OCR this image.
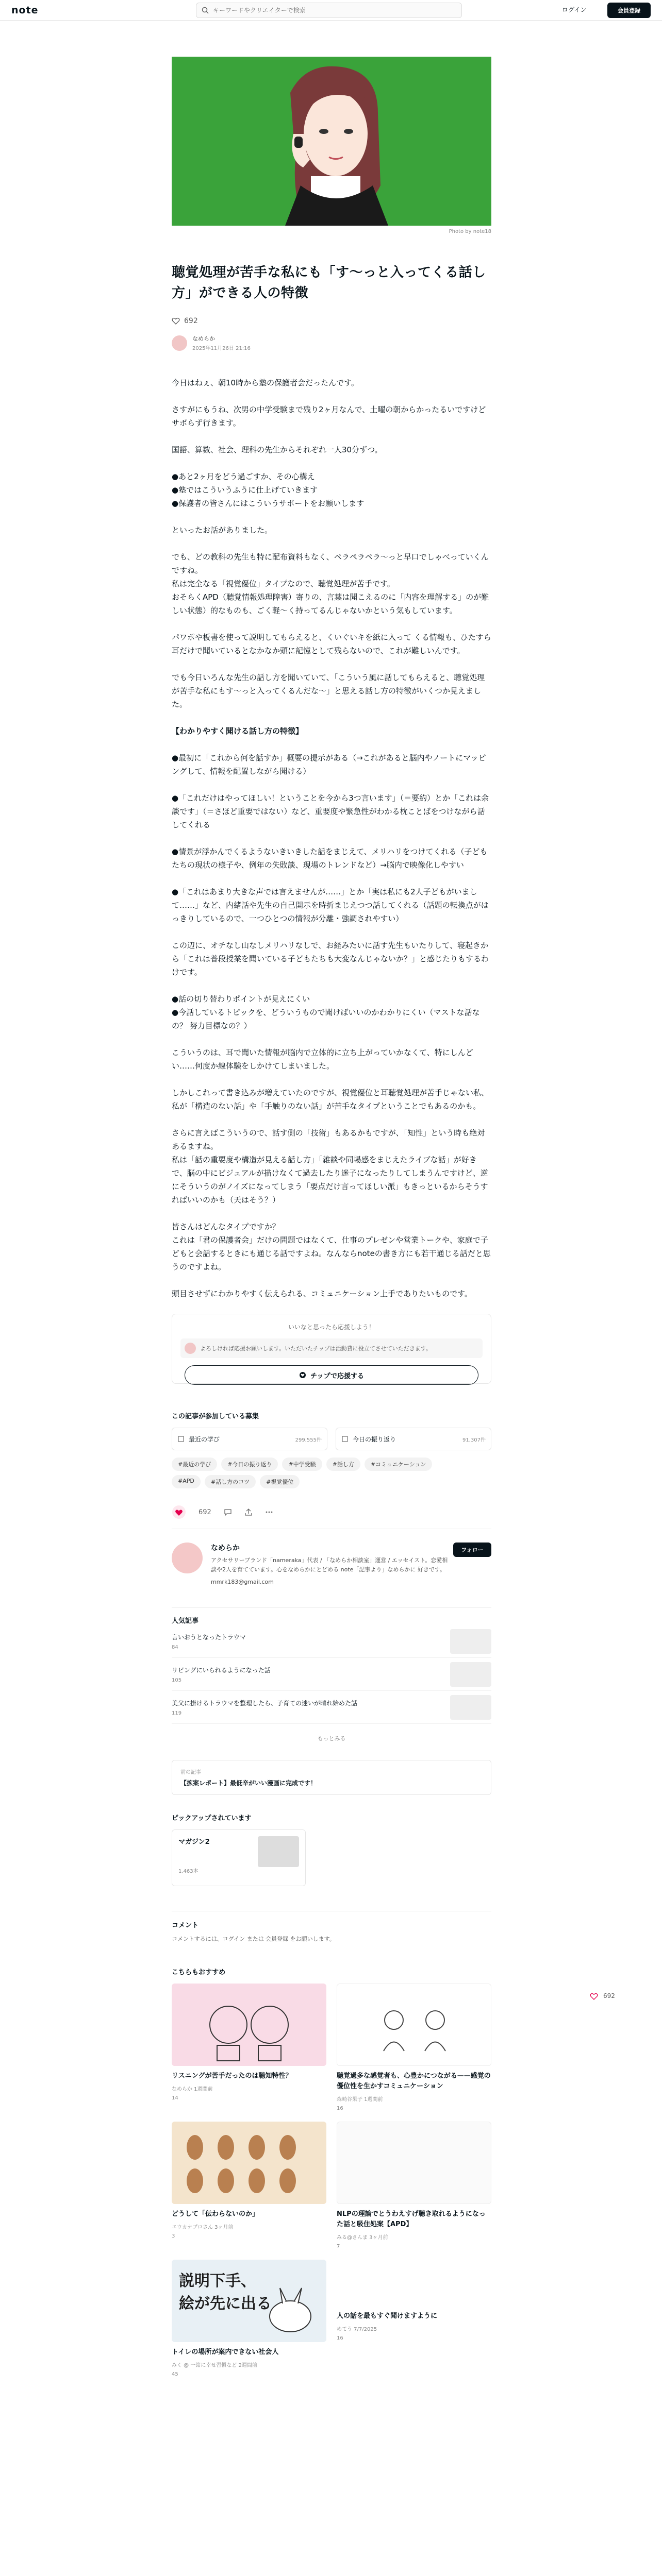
note
キーワードやクリエイターで検索	ログイン	会員登録
Photo by note18
聴覚処理が苦手な私にも「す〜っと入ってくる話し方」ができる人の特徴
692
なめらか
2025年11月26日 21:16

今日はねぇ、朝10時から塾の保護者会だったんです。

さすがにもうね、次男の中学受験まで残り2ヶ月なんで、土曜の朝からかったるいですけどサボらず行きます。

国語、算数、社会、理科の先生からそれぞれ一人30分ずつ。

●あと2ヶ月をどう過ごすか、その心構え
●塾ではこういうふうに仕上げていきます
●保護者の皆さんにはこういうサポートをお願いします

といったお話がありました。

でも、どの教科の先生も特に配布資料もなく、ペラペラペラ〜っと早口でしゃべっていくんですね。
私は完全なる「視覚優位」タイプなので、聴覚処理が苦手です。
おそらくAPD（聴覚情報処理障害）寄りの、言葉は聞こえるのに「内容を理解する」のが難しい状態）的なものも、ごく軽〜く持ってるんじゃないかという気もしています。

パワポや板書を使って説明してもらえると、くいぐいキを紙に入って くる情報も、ひたすら耳だけで聞いているとなかなか頭に記憶として残らないので、これが難しいんです。

でも今日いろんな先生の話し方を聞いていて、「こういう風に話してもらえると、聴覚処理が苦手な私にもす〜っと入ってくるんだな〜」と思える話し方の特徴がいくつか見えました。

【わかりやすく聞ける話し方の特徴】

●最初に「これから何を話すか」概要の提示がある（→これがあると脳内やノートにマッピングして、情報を配置しながら聞ける）

●「これだけはやってほしい！ということを今から3つ言います」（＝要約）とか「これは余談です」（＝さほど重要ではない）など、重要度や緊急性がわかる枕ことばをつけながら話してくれる

●情景が浮かんでくるようないきいきした話をまじえて、メリハリをつけてくれる（子どもたちの現状の様子や、例年の失敗談、現場のトレンドなど）→脳内で映像化しやすい

●「これはあまり大きな声では言えませんが……」とか「実は私にも2人子どもがいまして……」など、内緒話や先生の自己開示を時折まじえつつ話してくれる（話題の転換点がはっきりしているので、一つひとつの情報が分離・強調されやすい）

この辺に、オチなし山なしメリハリなしで、お経みたいに話す先生もいたりして、寝起きから「これは普段授業を聞いている子どもたちも大変なんじゃないか？」と感じたりもするわけです。

●話の切り替わりポイントが見えにくい
●今話しているトピックを、どういうもので聞けばいいのかわかりにくい（マストな話なの？ 努力目標なの？）

こういうのは、耳で聞いた情報が脳内で立体的に立ち上がっていかなくて、特にしんどい……何度か線体験をしかけてしまいました。

しかしこれって書き込みが増えていたのですが、視覚優位と耳聴覚処理が苦手じゃない私、私が「構造のない話」や「手触りのない話」が苦手なタイプということでもあるのかも。

さらに言えばこういうので、話す側の「技術」もあるかもですが、「知性」という時も絶対あるますね。
私は「話の重要度や構造が見える話し方」「雑談や同場感をまじえたライブな話」が好きで、脳の中にビジュアルが描けなくて過去したり迷子になったりしてしまうんですけど、逆にそういうのがノイズになってしまう「要点だけ言ってほしい派」もきっといるからそうすればいいのかも（天はそう？）

皆さんはどんなタイプですか？
これは「君の保護者会」だけの問題ではなくて、仕事のプレゼンや営業トークや、家庭で子どもと会話するときにも通じる話ですよね。なんならnoteの書き方にも若干通じる話だと思うのですよね。

頭目させずにわかりやすく伝えられる、コミュニケーション上手でありたいものです。

いいなと思ったら応援しよう！
よろしければ応援お願いします。いただいたチップは活動費に役立てさせていただきます。
チップで応援する
この記事が参加している募集
最近の学び	299,555件	今日の振り返り	91,307件
#最近の学び	#今日の振り返り	#中学受験	#話し方	#コミュニケーション
#APD	#話し方のコツ	#視覚優位
692
なめらか
アクセサリーブランド「nameraka」代表 / 「なめらか相談室」運営 / エッセイスト。恋愛相談や2人を育てています。心をなめらかにとどめる note「記事より」なめらかに 好きです。
mmrk183@gmail.com
フォロー
人気記事
言いおうとなったトラウマ
84
リビングにいられるようになった話
105
美父に掛けるトラウマを整理したら、子育ての迷いが晴れ始めた話
119
もっとみる
前の記事
【拡案レポート】最低辛がいい漫画に完成です！
ピックアップされています
マガジン2
1,463本
コメント
コメントするには、ログイン または 会員登録 をお願いします。
こちらもおすすめ
リスニングが苦手だったのは聴知特性？
なめらか 1週間前
14
聴覚過多な感覚者も、心豊かにつながる——感覚の優位性を生かすコミュニケーション
森崎谷果子 1週間前
16
どうして「伝わらないのか」
エウカナプロさん 3ヶ月前
3
NLPの理論でとうわえすげ聴き取れるようになった話と吸住処案【APD】
みる@さんま 3ヶ月前
7
説明下手、
絵が先に出る
トイレの場所が案内できない社会人
みく @ 一緒に幸せ習慣など 2週間前
45
人の話を最もすぐ聞けますように
めてう 7/7/2025
16
692
